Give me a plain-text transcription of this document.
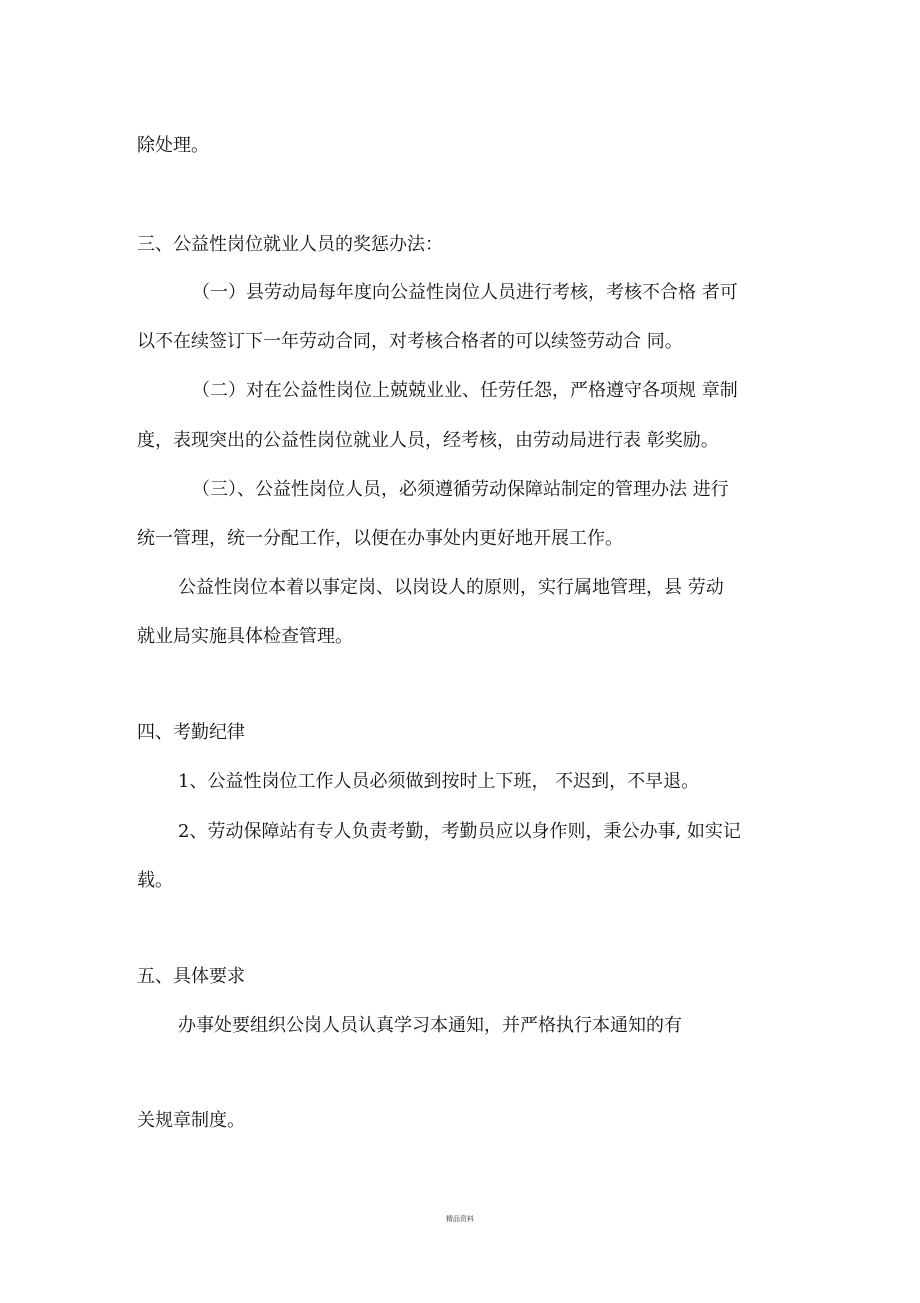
除处理。

三、公益性岗位就业人员的奖惩办法：

（一）县劳动局每年度向公益性岗位人员进行考核，考核不合格 者可

以不在续签订下一年劳动合同，对考核合格者的可以续签劳动合 同。

（二）对在公益性岗位上兢兢业业、任劳任怨，严格遵守各项规 章制

度，表现突出的公益性岗位就业人员，经考核，由劳动局进行表 彰奖励。

（三）、公益性岗位人员，必须遵循劳动保障站制定的管理办法 进行

统一管理，统一分配工作，以便在办事处内更好地开展工作。

公益性岗位本着以事定岗、以岗设人的原则，实行属地管理，县 劳动

就业局实施具体检查管理。

四、考勤纪律

1、公益性岗位工作人员必须做到按时上下班， 不迟到，不早退。

2、劳动保障站有专人负责考勤，考勤员应以身作则，秉公办事, 如实记

载。

五、具体要求

办事处要组织公岗人员认真学习本通知，并严格执行本通知的有

关规章制度。

精品资料
